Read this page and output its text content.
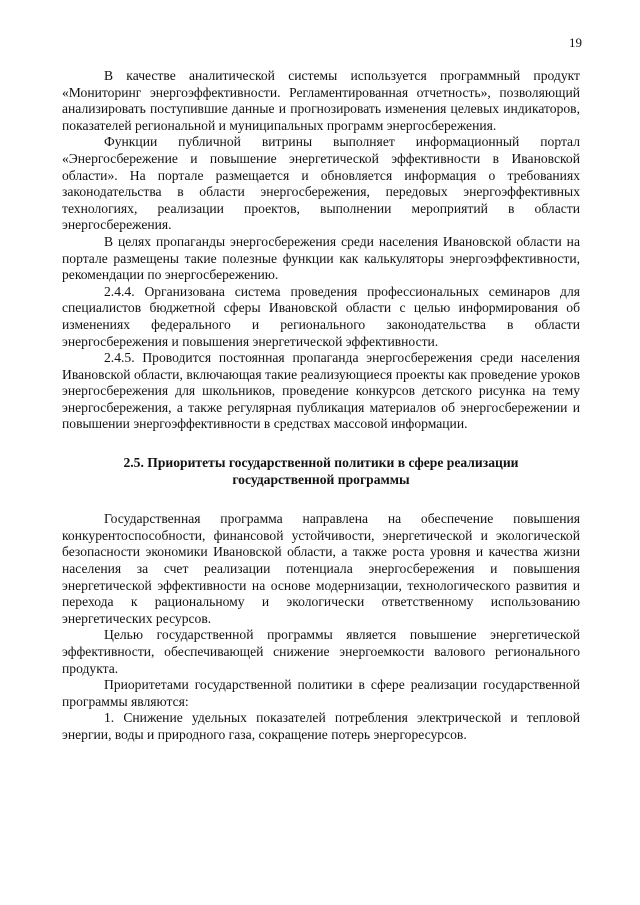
19

В качестве аналитической системы используется программный продукт «Мониторинг энергоэффективности. Регламентированная отчетность», позволяющий анализировать поступившие данные и прогнозировать изменения целевых индикаторов, показателей региональной и муниципальных программ энергосбережения.

Функции публичной витрины выполняет информационный портал «Энергосбережение и повышение энергетической эффективности в Ивановской области». На портале размещается и обновляется информация о требованиях законодательства в области энергосбережения, передовых энергоэффективных технологиях, реализации проектов, выполнении мероприятий в области энергосбережения.

В целях пропаганды энергосбережения среди населения Ивановской области на портале размещены такие полезные функции как калькуляторы энергоэффективности, рекомендации по энергосбережению.

2.4.4. Организована система проведения профессиональных семинаров для специалистов бюджетной сферы Ивановской области с целью информирования об изменениях федерального и регионального законодательства в области энергосбережения и повышения энергетической эффективности.

2.4.5. Проводится постоянная пропаганда энергосбережения среди населения Ивановской области, включающая такие реализующиеся проекты как проведение уроков энергосбережения для школьников, проведение конкурсов детского рисунка на тему энергосбережения, а также регулярная публикация материалов об энергосбережении и повышении энергоэффективности в средствах массовой информации.

2.5. Приоритеты государственной политики в сфере реализации государственной программы

Государственная программа направлена на обеспечение повышения конкурентоспособности, финансовой устойчивости, энергетической и экологической безопасности экономики Ивановской области, а также роста уровня и качества жизни населения за счет реализации потенциала энергосбережения и повышения энергетической эффективности на основе модернизации, технологического развития и перехода к рациональному и экологически ответственному использованию энергетических ресурсов.

Целью государственной программы является повышение энергетической эффективности, обеспечивающей снижение энергоемкости валового регионального продукта.

Приоритетами государственной политики в сфере реализации государственной программы являются:

1. Снижение удельных показателей потребления электрической и тепловой энергии, воды и природного газа, сокращение потерь энергоресурсов.
